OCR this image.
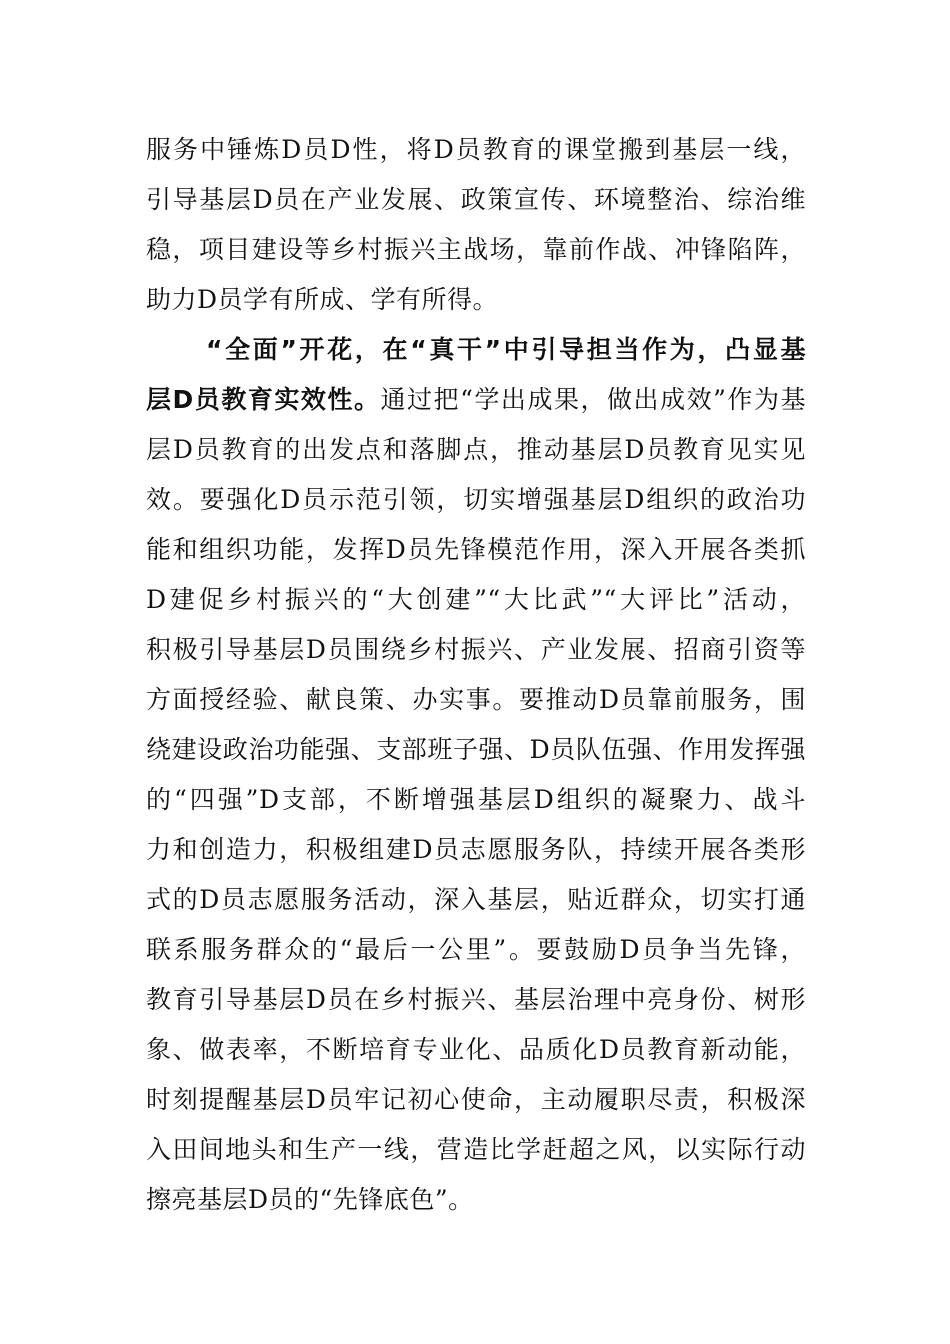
服务中锤炼D员D性，将D员教育的课堂搬到基层一线，
引导基层D员在产业发展、政策宣传、环境整治、综治维
稳，项目建设等乡村振兴主战场，靠前作战、冲锋陷阵，
助力D员学有所成、学有所得。
“全面”开花，在“真干”中引导担当作为，凸显基
层D员教育实效性。通过把“学出成果，做出成效”作为基
层D员教育的出发点和落脚点，推动基层D员教育见实见
效。要强化D员示范引领，切实增强基层D组织的政治功
能和组织功能，发挥D员先锋模范作用，深入开展各类抓
D建促乡村振兴的“大创建”“大比武”“大评比”活动，
积极引导基层D员围绕乡村振兴、产业发展、招商引资等
方面授经验、献良策、办实事。要推动D员靠前服务，围
绕建设政治功能强、支部班子强、D员队伍强、作用发挥强
的“四强”D支部，不断增强基层D组织的凝聚力、战斗
力和创造力，积极组建D员志愿服务队，持续开展各类形
式的D员志愿服务活动，深入基层，贴近群众，切实打通
联系服务群众的“最后一公里”。要鼓励D员争当先锋，
教育引导基层D员在乡村振兴、基层治理中亮身份、树形
象、做表率，不断培育专业化、品质化D员教育新动能，
时刻提醒基层D员牢记初心使命，主动履职尽责，积极深
入田间地头和生产一线，营造比学赶超之风，以实际行动
擦亮基层D员的“先锋底色”。
